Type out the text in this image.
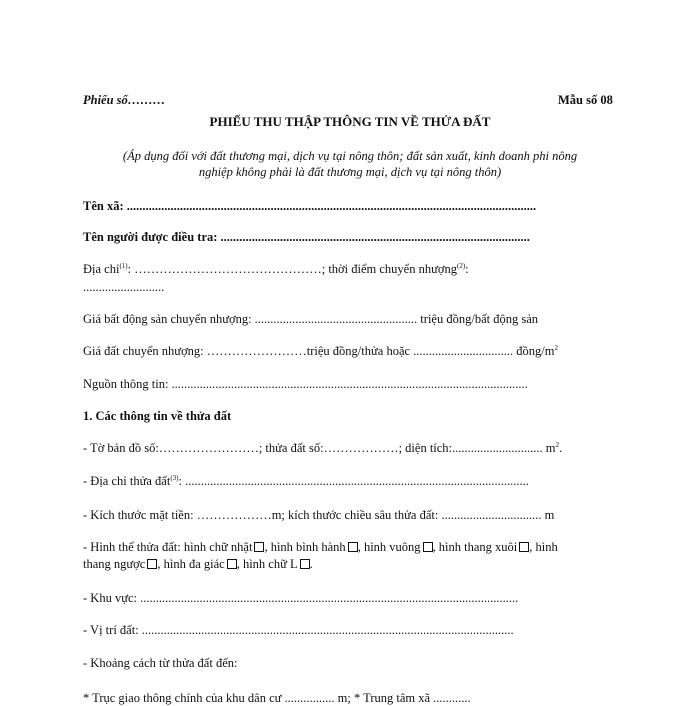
Phiếu số………	Mẫu số 08
PHIẾU THU THẬP THÔNG TIN VỀ THỬA ĐẤT
(Áp dụng đối với đất thương mại, dịch vụ tại nông thôn; đất sản xuất, kinh doanh phi nông
nghiệp không phải là đất thương mại, dịch vụ tại nông thôn)
Tên xã: ...................................................................................................................................
Tên người được điều tra: ...................................................................................................
Địa chỉ$^{(1)}$: ………………………………………; thời điểm chuyển nhượng$^{(2)}$:
..........................
Giá bất động sản chuyển nhượng: .................................................... triệu đồng/bất động sản
Giá đất chuyển nhượng: ……………………triệu đồng/thửa hoặc ................................ đồng/$m^2$
Nguồn thông tin: ..................................................................................................................
1. Các thông tin về thửa đất
- Tờ bản đồ số:……………………; thửa đất số:………………; diện tích:............................. $m^2$.
- Địa chỉ thửa đất$^{(3)}$: ..............................................................................................................
- Kích thước mặt tiền: ………………m; kích thước chiều sâu thửa đất: ................................ m
- Hình thể thửa đất: hình chữ nhật , hình bình hành , hình vuông , hình thang xuôi , hình
thang ngược , hình đa giác , hình chữ L .
- Khu vực: .........................................................................................................................
- Vị trí đất: .......................................................................................................................
- Khoảng cách từ thửa đất đến:
* Trục giao thông chính của khu dân cư ................ m; * Trung tâm xã ............
